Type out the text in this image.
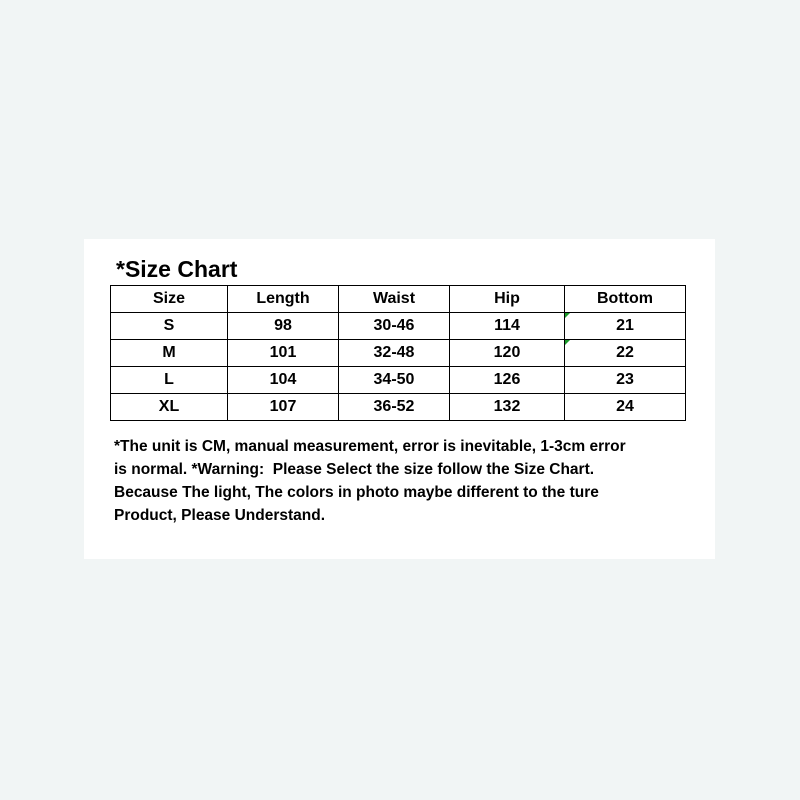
*Size Chart
Size	Length	Waist	Hip	Bottom
S	98	30-46	114	21
M	101	32-48	120	22
L	104	34-50	126	23
XL	107	36-52	132	24
*The unit is CM, manual measurement, error is inevitable, 1-3cm error
is normal. *Warning:  Please Select the size follow the Size Chart.
Because The light, The colors in photo maybe different to the ture
Product, Please Understand.
